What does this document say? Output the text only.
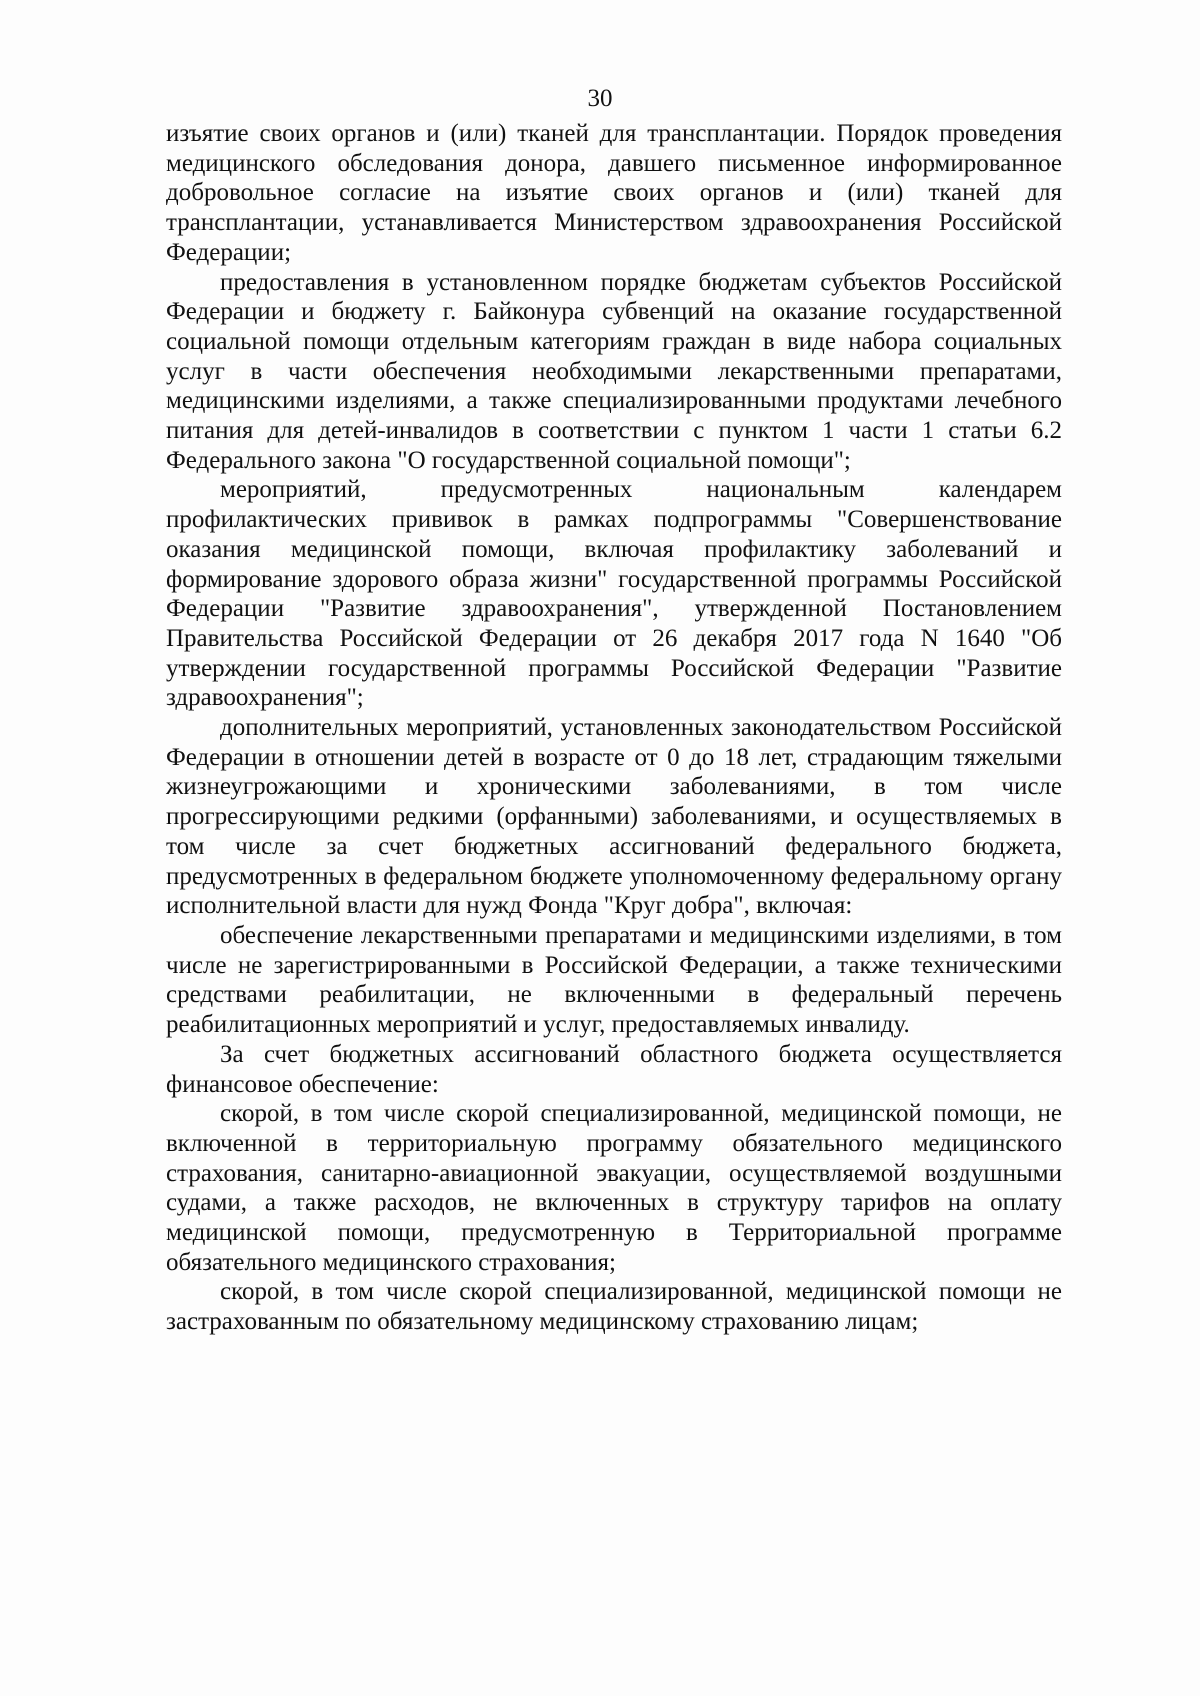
30

изъятие своих органов и (или) тканей для трансплантации. Порядок проведения медицинского обследования донора, давшего письменное информированное добровольное согласие на изъятие своих органов и (или) тканей для трансплантации, устанавливается Министерством здравоохранения Российской Федерации;

предоставления в установленном порядке бюджетам субъектов Российской Федерации и бюджету г. Байконура субвенций на оказание государственной социальной помощи отдельным категориям граждан в виде набора социальных услуг в части обеспечения необходимыми лекарственными препаратами, медицинскими изделиями, а также специализированными продуктами лечебного питания для детей-инвалидов в соответствии с пунктом 1 части 1 статьи 6.2 Федерального закона "О государственной социальной помощи";

мероприятий, предусмотренных национальным календарем профилактических прививок в рамках подпрограммы "Совершенствование оказания медицинской помощи, включая профилактику заболеваний и формирование здорового образа жизни" государственной программы Российской Федерации "Развитие здравоохранения", утвержденной Постановлением Правительства Российской Федерации от 26 декабря 2017 года N 1640 "Об утверждении государственной программы Российской Федерации "Развитие здравоохранения";

дополнительных мероприятий, установленных законодательством Российской Федерации в отношении детей в возрасте от 0 до 18 лет, страдающим тяжелыми жизнеугрожающими и хроническими заболеваниями, в том числе прогрессирующими редкими (орфанными) заболеваниями, и осуществляемых в том числе за счет бюджетных ассигнований федерального бюджета, предусмотренных в федеральном бюджете уполномоченному федеральному органу исполнительной власти для нужд Фонда "Круг добра", включая:

обеспечение лекарственными препаратами и медицинскими изделиями, в том числе не зарегистрированными в Российской Федерации, а также техническими средствами реабилитации, не включенными в федеральный перечень реабилитационных мероприятий и услуг, предоставляемых инвалиду.

За счет бюджетных ассигнований областного бюджета осуществляется финансовое обеспечение:

скорой, в том числе скорой специализированной, медицинской помощи, не включенной в территориальную программу обязательного медицинского страхования, санитарно-авиационной эвакуации, осуществляемой воздушными судами, а также расходов, не включенных в структуру тарифов на оплату медицинской помощи, предусмотренную в Территориальной программе обязательного медицинского страхования;

скорой, в том числе скорой специализированной, медицинской помощи не застрахованным по обязательному медицинскому страхованию лицам;
